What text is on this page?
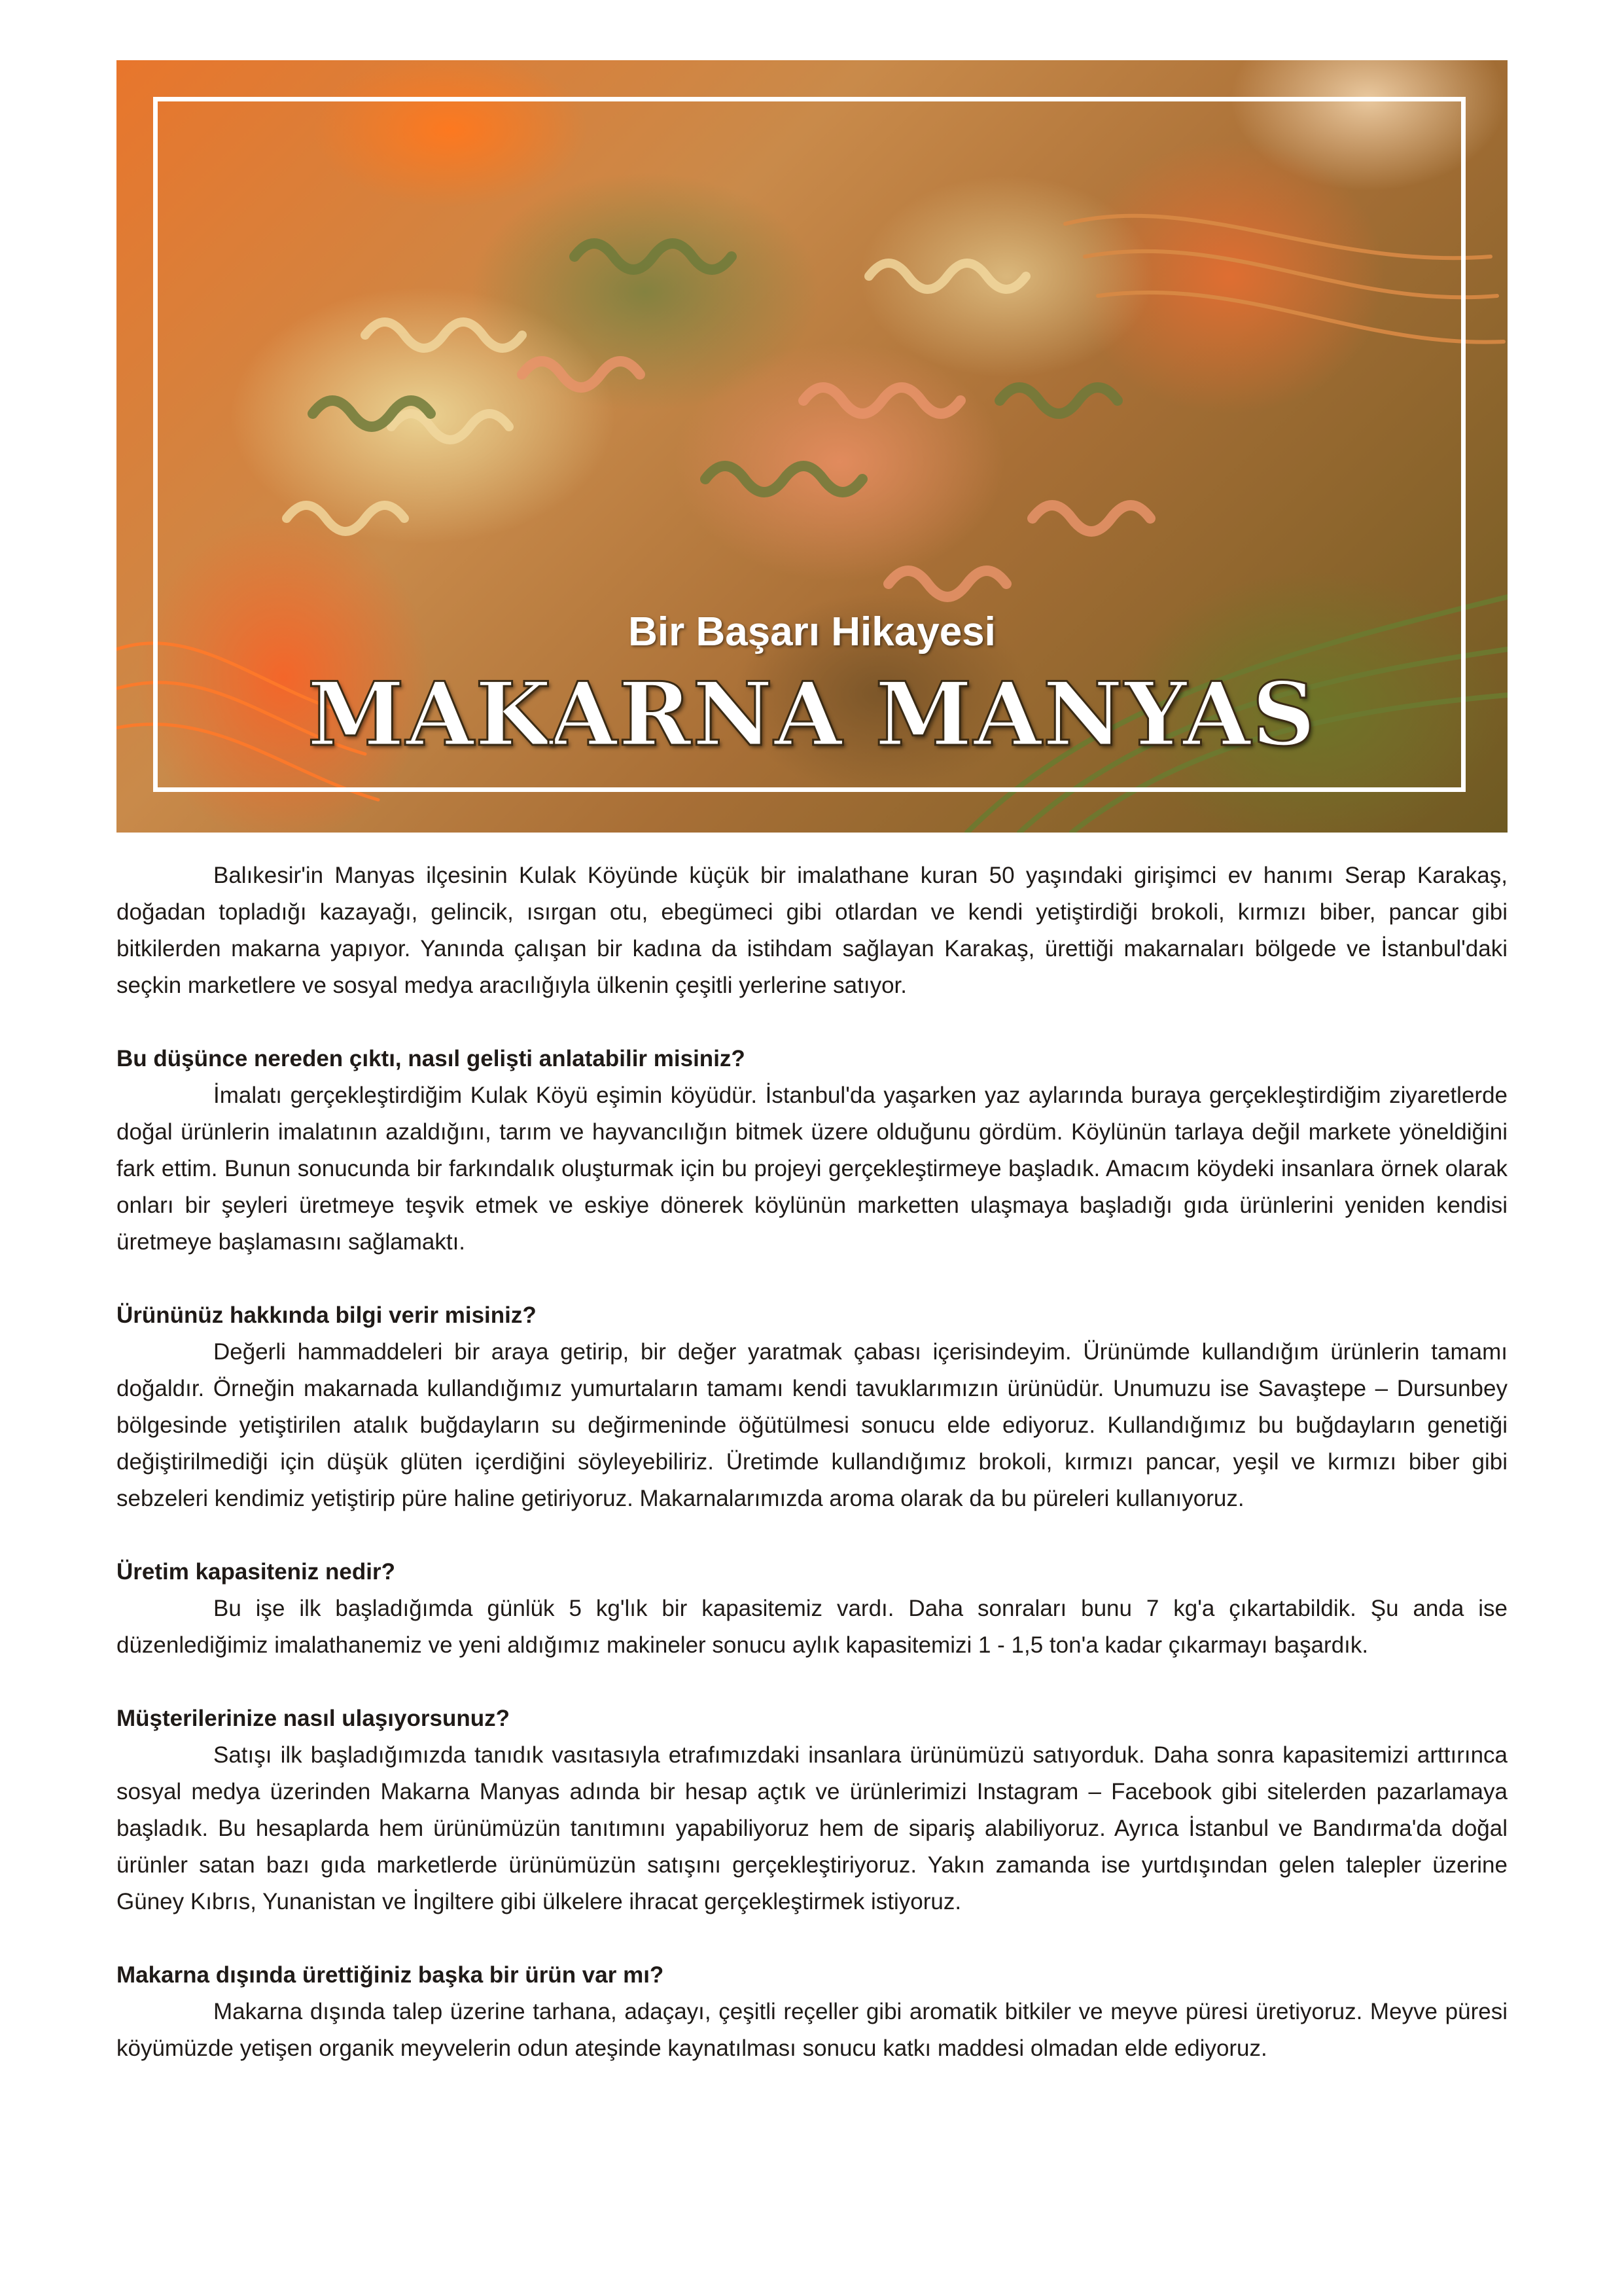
Bir Başarı Hikayesi
MAKARNA MANYAS

Balıkesir'in Manyas ilçesinin Kulak Köyünde küçük bir imalathane kuran 50 yaşındaki girişimci ev hanımı Serap Karakaş, doğadan topladığı kazayağı, gelincik, ısırgan otu, ebegümeci gibi otlardan ve kendi yetiştirdiği brokoli, kırmızı biber, pancar gibi bitkilerden makarna yapıyor. Yanında çalışan bir kadına da istihdam sağlayan Karakaş, ürettiği makarnaları bölgede ve İstanbul'daki seçkin marketlere ve sosyal medya aracılığıyla ülkenin çeşitli yerlerine satıyor.

Bu düşünce nereden çıktı, nasıl gelişti anlatabilir misiniz?

İmalatı gerçekleştirdiğim Kulak Köyü eşimin köyüdür. İstanbul'da yaşarken yaz aylarında buraya gerçekleştirdiğim ziyaretlerde doğal ürünlerin imalatının azaldığını, tarım ve hayvancılığın bitmek üzere olduğunu gördüm. Köylünün tarlaya değil markete yöneldiğini fark ettim. Bunun sonucunda bir farkındalık oluşturmak için bu projeyi gerçekleştirmeye başladık. Amacım köydeki insanlara örnek olarak onları bir şeyleri üretmeye teşvik etmek ve eskiye dönerek köylünün marketten ulaşmaya başladığı gıda ürünlerini yeniden kendisi üretmeye başlamasını sağlamaktı.

Ürününüz hakkında bilgi verir misiniz?

Değerli hammaddeleri bir araya getirip, bir değer yaratmak çabası içerisindeyim. Ürünümde kullandığım ürünlerin tamamı doğaldır. Örneğin makarnada kullandığımız yumurtaların tamamı kendi tavuklarımızın ürünüdür. Unumuzu ise Savaştepe – Dursunbey bölgesinde yetiştirilen atalık buğdayların su değirmeninde öğütülmesi sonucu elde ediyoruz. Kullandığımız bu buğdayların genetiği değiştirilmediği için düşük glüten içerdiğini söyleyebiliriz. Üretimde kullandığımız brokoli, kırmızı pancar, yeşil ve kırmızı biber gibi sebzeleri kendimiz yetiştirip püre haline getiriyoruz. Makarnalarımızda aroma olarak da bu püreleri kullanıyoruz.

Üretim kapasiteniz nedir?

Bu işe ilk başladığımda günlük 5 kg'lık bir kapasitemiz vardı. Daha sonraları bunu 7 kg'a çıkartabildik. Şu anda ise düzenlediğimiz imalathanemiz ve yeni aldığımız makineler sonucu aylık kapasitemizi 1 - 1,5 ton'a kadar çıkarmayı başardık.

Müşterilerinize nasıl ulaşıyorsunuz?

Satışı ilk başladığımızda tanıdık vasıtasıyla etrafımızdaki insanlara ürünümüzü satıyorduk. Daha sonra kapasitemizi arttırınca sosyal medya üzerinden Makarna Manyas adında bir hesap açtık ve ürünlerimizi Instagram – Facebook gibi sitelerden pazarlamaya başladık. Bu hesaplarda hem ürünümüzün tanıtımını yapabiliyoruz hem de sipariş alabiliyoruz. Ayrıca İstanbul ve Bandırma'da doğal ürünler satan bazı gıda marketlerde ürünümüzün satışını gerçekleştiriyoruz. Yakın zamanda ise yurtdışından gelen talepler üzerine Güney Kıbrıs, Yunanistan ve İngiltere gibi ülkelere ihracat gerçekleştirmek istiyoruz.

Makarna dışında ürettiğiniz başka bir ürün var mı?

Makarna dışında talep üzerine tarhana, adaçayı, çeşitli reçeller gibi aromatik bitkiler ve meyve püresi üretiyoruz. Meyve püresi köyümüzde yetişen organik meyvelerin odun ateşinde kaynatılması sonucu katkı maddesi olmadan elde ediyoruz.
